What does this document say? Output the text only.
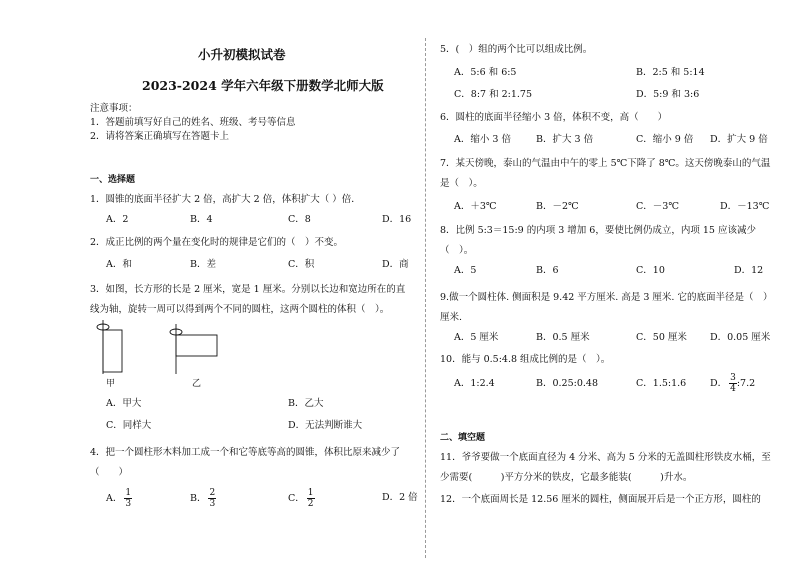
小升初模拟试卷
2023-2024 学年六年级下册数学北师大版
注意事项：
1．答题前填写好自己的姓名、班级、考号等信息
2．请将答案正确填写在答题卡上
一、选择题
1．圆锥的底面半径扩大 2 倍，高扩大 2 倍，体积扩大（ ）倍．
A．2	B．4	C．8	D．16
2．成正比例的两个量在变化时的规律是它们的（　）不变。
A．和	B．差	C．积	D．商
3．如图，长方形的长是 2 厘米，宽是 1 厘米。分别以长边和宽边所在的直线为轴，旋转一周可以得到两个不同的圆柱，这两个圆柱的体积（　）。
甲	乙
A．甲大	B．乙大
C．同样大	D．无法判断谁大
4．把一个圆柱形木料加工成一个和它等底等高的圆锥，体积比原来减少了（　　）
A． $\frac{1}{3}$	B． $\frac{2}{3}$	C． $\frac{1}{2}$	D．2 倍
5．(　）组的两个比可以组成比例。
A．5:6 和 6:5	B．2:5 和 5:14
C．8:7 和 2:1.75	D．5:9 和 3:6
6．圆柱的底面半径缩小 3 倍，体积不变，高（　　）
A．缩小 3 倍	B．扩大 3 倍	C．缩小 9 倍 D．扩大 9 倍
7．某天傍晚，泰山的气温由中午的零上 5℃下降了 8℃。这天傍晚泰山的气温是（　）。
A．＋3℃	B．－2℃	C．－3℃	D．－13℃
8．比例 5:3＝15:9 的内项 3 增加 6，要使比例仍成立，内项 15 应该减少（　）。
A．5	B．6	C．10	D．12
9.做一个圆柱体. 侧面积是 9.42 平方厘米. 高是 3 厘米. 它的底面半径是（　）厘米.
A．5 厘米	B．0.5 厘米	C．50 厘米 D．0.05 厘米
10．能与 0.5:4.8 组成比例的是（　）。
A．1:2.4	B．0.25:0.48	C．1.5:1.6	D． $\frac{3}{4}$ :7.2
二、填空题
11．爷爷要做一个底面直径为 4 分米、高为 5 分米的无盖圆柱形铁皮水桶，至少需要(　　　)平方分米的铁皮，它最多能装(　　　)升水。
12．一个底面周长是 12.56 厘米的圆柱，侧面展开后是一个正方形，圆柱的
